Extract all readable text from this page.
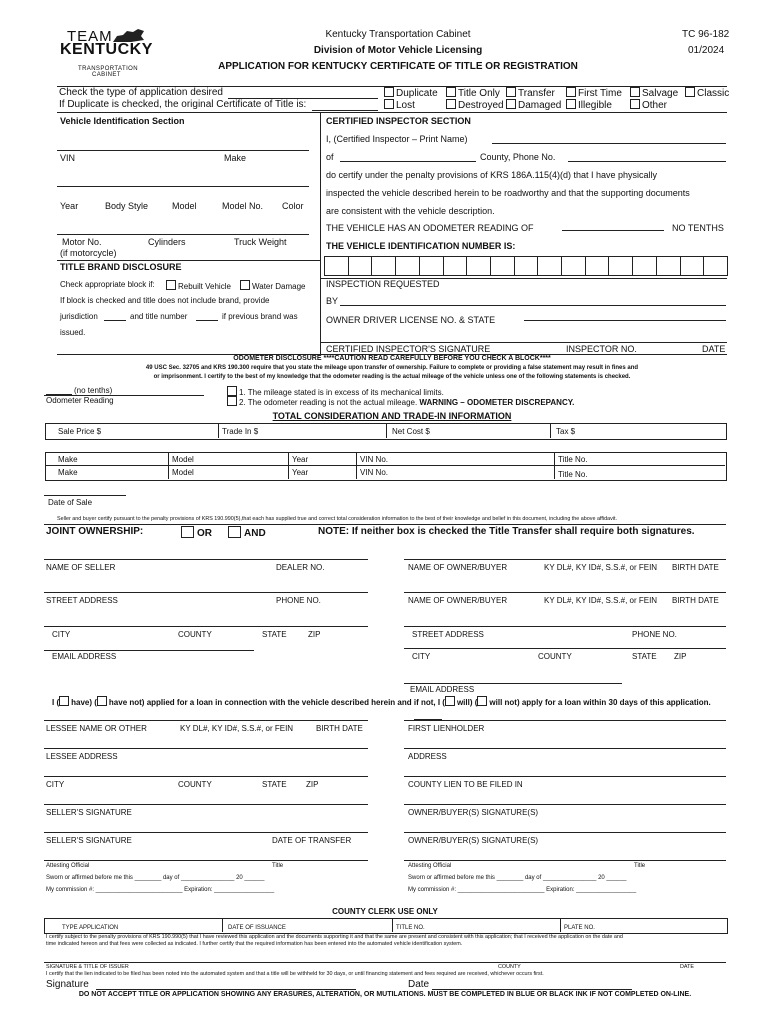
TEAM
KENTUCKY
TRANSPORTATION
CABINET
Kentucky Transportation Cabinet
Division of Motor Vehicle Licensing
APPLICATION FOR KENTUCKY CERTIFICATE OF TITLE OR REGISTRATION
TC 96-182
01/2024
Check the type of application desired
If Duplicate is checked, the original Certificate of Title is:
Duplicate	Title Only	Transfer	First Time	Salvage	Classic
Lost	Destroyed	Damaged	Illegible	Other
Vehicle Identification Section
VIN	Make
Year	Body Style	Model	Model No. Color
Motor No.
(if motorcycle)
Cylinders	Truck Weight
TITLE BRAND DISCLOSURE
Check appropriate block if:	Rebuilt Vehicle	Water Damage
If block is checked and title does not include brand, provide
jurisdiction	and title number	if previous brand was
issued.
CERTIFIED INSPECTOR SECTION
I, (Certified Inspector – Print Name)
of	County, Phone No.
do certify under the penalty provisions of KRS 186A.115(4)(d) that I have physically
inspected the vehicle described herein to be roadworthy and that the supporting documents
are consistent with the vehicle description.
THE VEHICLE HAS AN ODOMETER READING OF	NO TENTHS
THE VEHICLE IDENTIFICATION NUMBER IS:
INSPECTION REQUESTED
BY
OWNER DRIVER LICENSE NO. & STATE
CERTIFIED INSPECTOR'S SIGNATURE	INSPECTOR NO.	DATE
ODOMETER DISCLOSURE ****CAUTION READ CAREFULLY BEFORE YOU CHECK A BLOCK****
49 USC Sec. 32705 and KRS 190.300 require that you state the mileage upon transfer of ownership. Failure to complete or providing a false statement may result in fines and
or imprisonment. I certify to the best of my knowledge that the odometer reading is the actual mileage of the vehicle unless one of the following statements is checked.
(no tenths)
Odometer Reading
1. The mileage stated is in excess of its mechanical limits.
2. The odometer reading is not the actual mileage. WARNING – ODOMETER DISCREPANCY.
TOTAL CONSIDERATION AND TRADE-IN INFORMATION
Sale Price $	Trade In $	Net Cost $	Tax $
Make	Model	Year	VIN No.	Title No.
Make	Model	Year	VIN No.	Title No.
Date of Sale
Seller and buyer certify pursuant to the penalty provisions of KRS 190.990(5),that each has supplied true and correct total consideration information to the best of their knowledge and belief in this document, including the above affidavit.
JOINT OWNERSHIP:	OR	AND	NOTE: If neither box is checked the Title Transfer shall require both signatures.
NAME OF SELLER	DEALER NO.
STREET ADDRESS	PHONE NO.
CITY	COUNTY	STATE	ZIP
EMAIL ADDRESS
NAME OF OWNER/BUYER	KY DL#, KY ID#, S.S.#, or FEIN BIRTH DATE
NAME OF OWNER/BUYER	KY DL#, KY ID#, S.S.#, or FEIN BIRTH DATE
STREET ADDRESS	PHONE NO.
CITY	COUNTY	STATE ZIP
EMAIL ADDRESS
I ( have) ( have not) applied for a loan in connection with the vehicle described herein and if not, I ( will) ( will not) apply for a loan within 30 days of this application.
LESSEE NAME OR OTHER	KY DL#, KY ID#, S.S.#, or FEIN	BIRTH DATE
LESSEE ADDRESS
CITY	COUNTY	STATE ZIP
FIRST LIENHOLDER
ADDRESS
COUNTY LIEN TO BE FILED IN
SELLER'S SIGNATURE
SELLER'S SIGNATURE	DATE OF TRANSFER
OWNER/BUYER(S) SIGNATURE(S)
OWNER/BUYER(S) SIGNATURE(S)
Attesting Official	Title
Sworn or affirmed before me this ________ day of ________________ 20 ______
My commission #: __________________________ Expiration: __________________
Attesting Official	Title
Sworn or affirmed before me this ________ day of ________________ 20 ______
My commission #: __________________________ Expiration: __________________
COUNTY CLERK USE ONLY
TYPE APPLICATION	DATE OF ISSUANCE	TITLE NO.	PLATE NO.
I certify subject to the penalty provisions of KRS 190.990(5) that I have reviewed this application and the documents supporting it and that the same are present and consistent with this application; that I received the application on the date and
time indicated hereon and that fees were collected as indicated. I further certify that the required information has been entered into the automated vehicle identification system.
SIGNATURE & TITLE OF ISSUER	COUNTY	DATE
I certify that the lien indicated to be filed has been noted into the automated system and that a title will be withheld for 30 days, or until financing statement and fees required are received, whichever occurs first.
Signature	Date
DO NOT ACCEPT TITLE OR APPLICATION SHOWING ANY ERASURES, ALTERATION, OR MUTILATIONS. MUST BE COMPLETED IN BLUE OR BLACK INK IF NOT COMPLETED ON-LINE.
